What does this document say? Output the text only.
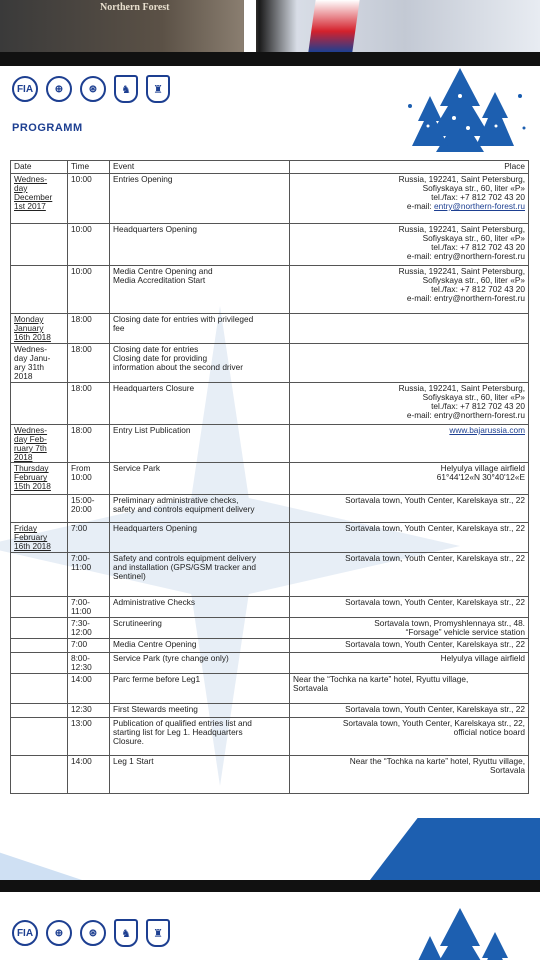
Northern Forest
FIA	⊕	⊛	♞	♜
PROGRAMM
Date	Time	Event	Place
Wednes-
day
December
1st 2017	10:00	Entries Opening	Russia, 192241, Saint Petersburg,
Sofiyskaya str., 60, liter «P»
tel./fax: +7 812 702 43 20
e-mail: entry@northern-forest.ru
	10:00	Headquarters Opening	Russia, 192241, Saint Petersburg,
Sofiyskaya str., 60, liter «P»
tel./fax: +7 812 702 43 20
e-mail: entry@northern-forest.ru
	10:00	Media Centre Opening and
Media Accreditation Start	Russia, 192241, Saint Petersburg,
Sofiyskaya str., 60, liter «P»
tel./fax: +7 812 702 43 20
e-mail: entry@northern-forest.ru
Monday
January
16th 2018	18:00	Closing date for entries with privileged
fee	
Wednes-
day Janu-
ary 31th
2018	18:00	Closing date for entries
Closing date for providing
information about the second driver	
	18:00	Headquarters Closure	Russia, 192241, Saint Petersburg,
Sofiyskaya str., 60, liter «P»
tel./fax: +7 812 702 43 20
e-mail: entry@northern-forest.ru
Wednes-
day Feb-
ruary 7th
2018	18:00	Entry List Publication	www.bajarussia.com
Thursday
February
15th 2018	From
10:00	Service Park	Helyulya village airfield
61°44'12«N 30°40'12«E
	15:00-
20:00	Preliminary administrative checks,
safety and controls equipment delivery	Sortavala town, Youth Center, Karelskaya str., 22
Friday
February
16th 2018	7:00	Headquarters Opening	Sortavala town, Youth Center, Karelskaya str., 22
	7:00-
11:00	Safety and controls equipment delivery
and installation (GPS/GSM tracker and
Sentinel)	Sortavala town, Youth Center, Karelskaya str., 22
	7:00-
11:00	Administrative Checks	Sortavala town, Youth Center, Karelskaya str., 22
	7:30-
12:00	Scrutineering	Sortavala town, Promyshlennaya str., 48.
“Forsage” vehicle service station
	7:00	Media Centre Opening	Sortavala town, Youth Center, Karelskaya str., 22
	8:00-
12:30	Service Park (tyre change only)	Helyulya village airfield
	14:00	Parc ferme before Leg1	Near the “Tochka na karte” hotel, Ryuttu village,
Sortavala
	12:30	First Stewards meeting	Sortavala town, Youth Center, Karelskaya str., 22
	13:00	Publication of qualified entries list and
starting list for Leg 1. Headquarters
Closure.	Sortavala town, Youth Center, Karelskaya str., 22,
official notice board
	14:00	Leg 1 Start	Near the “Tochka na karte” hotel, Ryuttu village,
Sortavala
FIA	⊕	⊛	♞	♜
